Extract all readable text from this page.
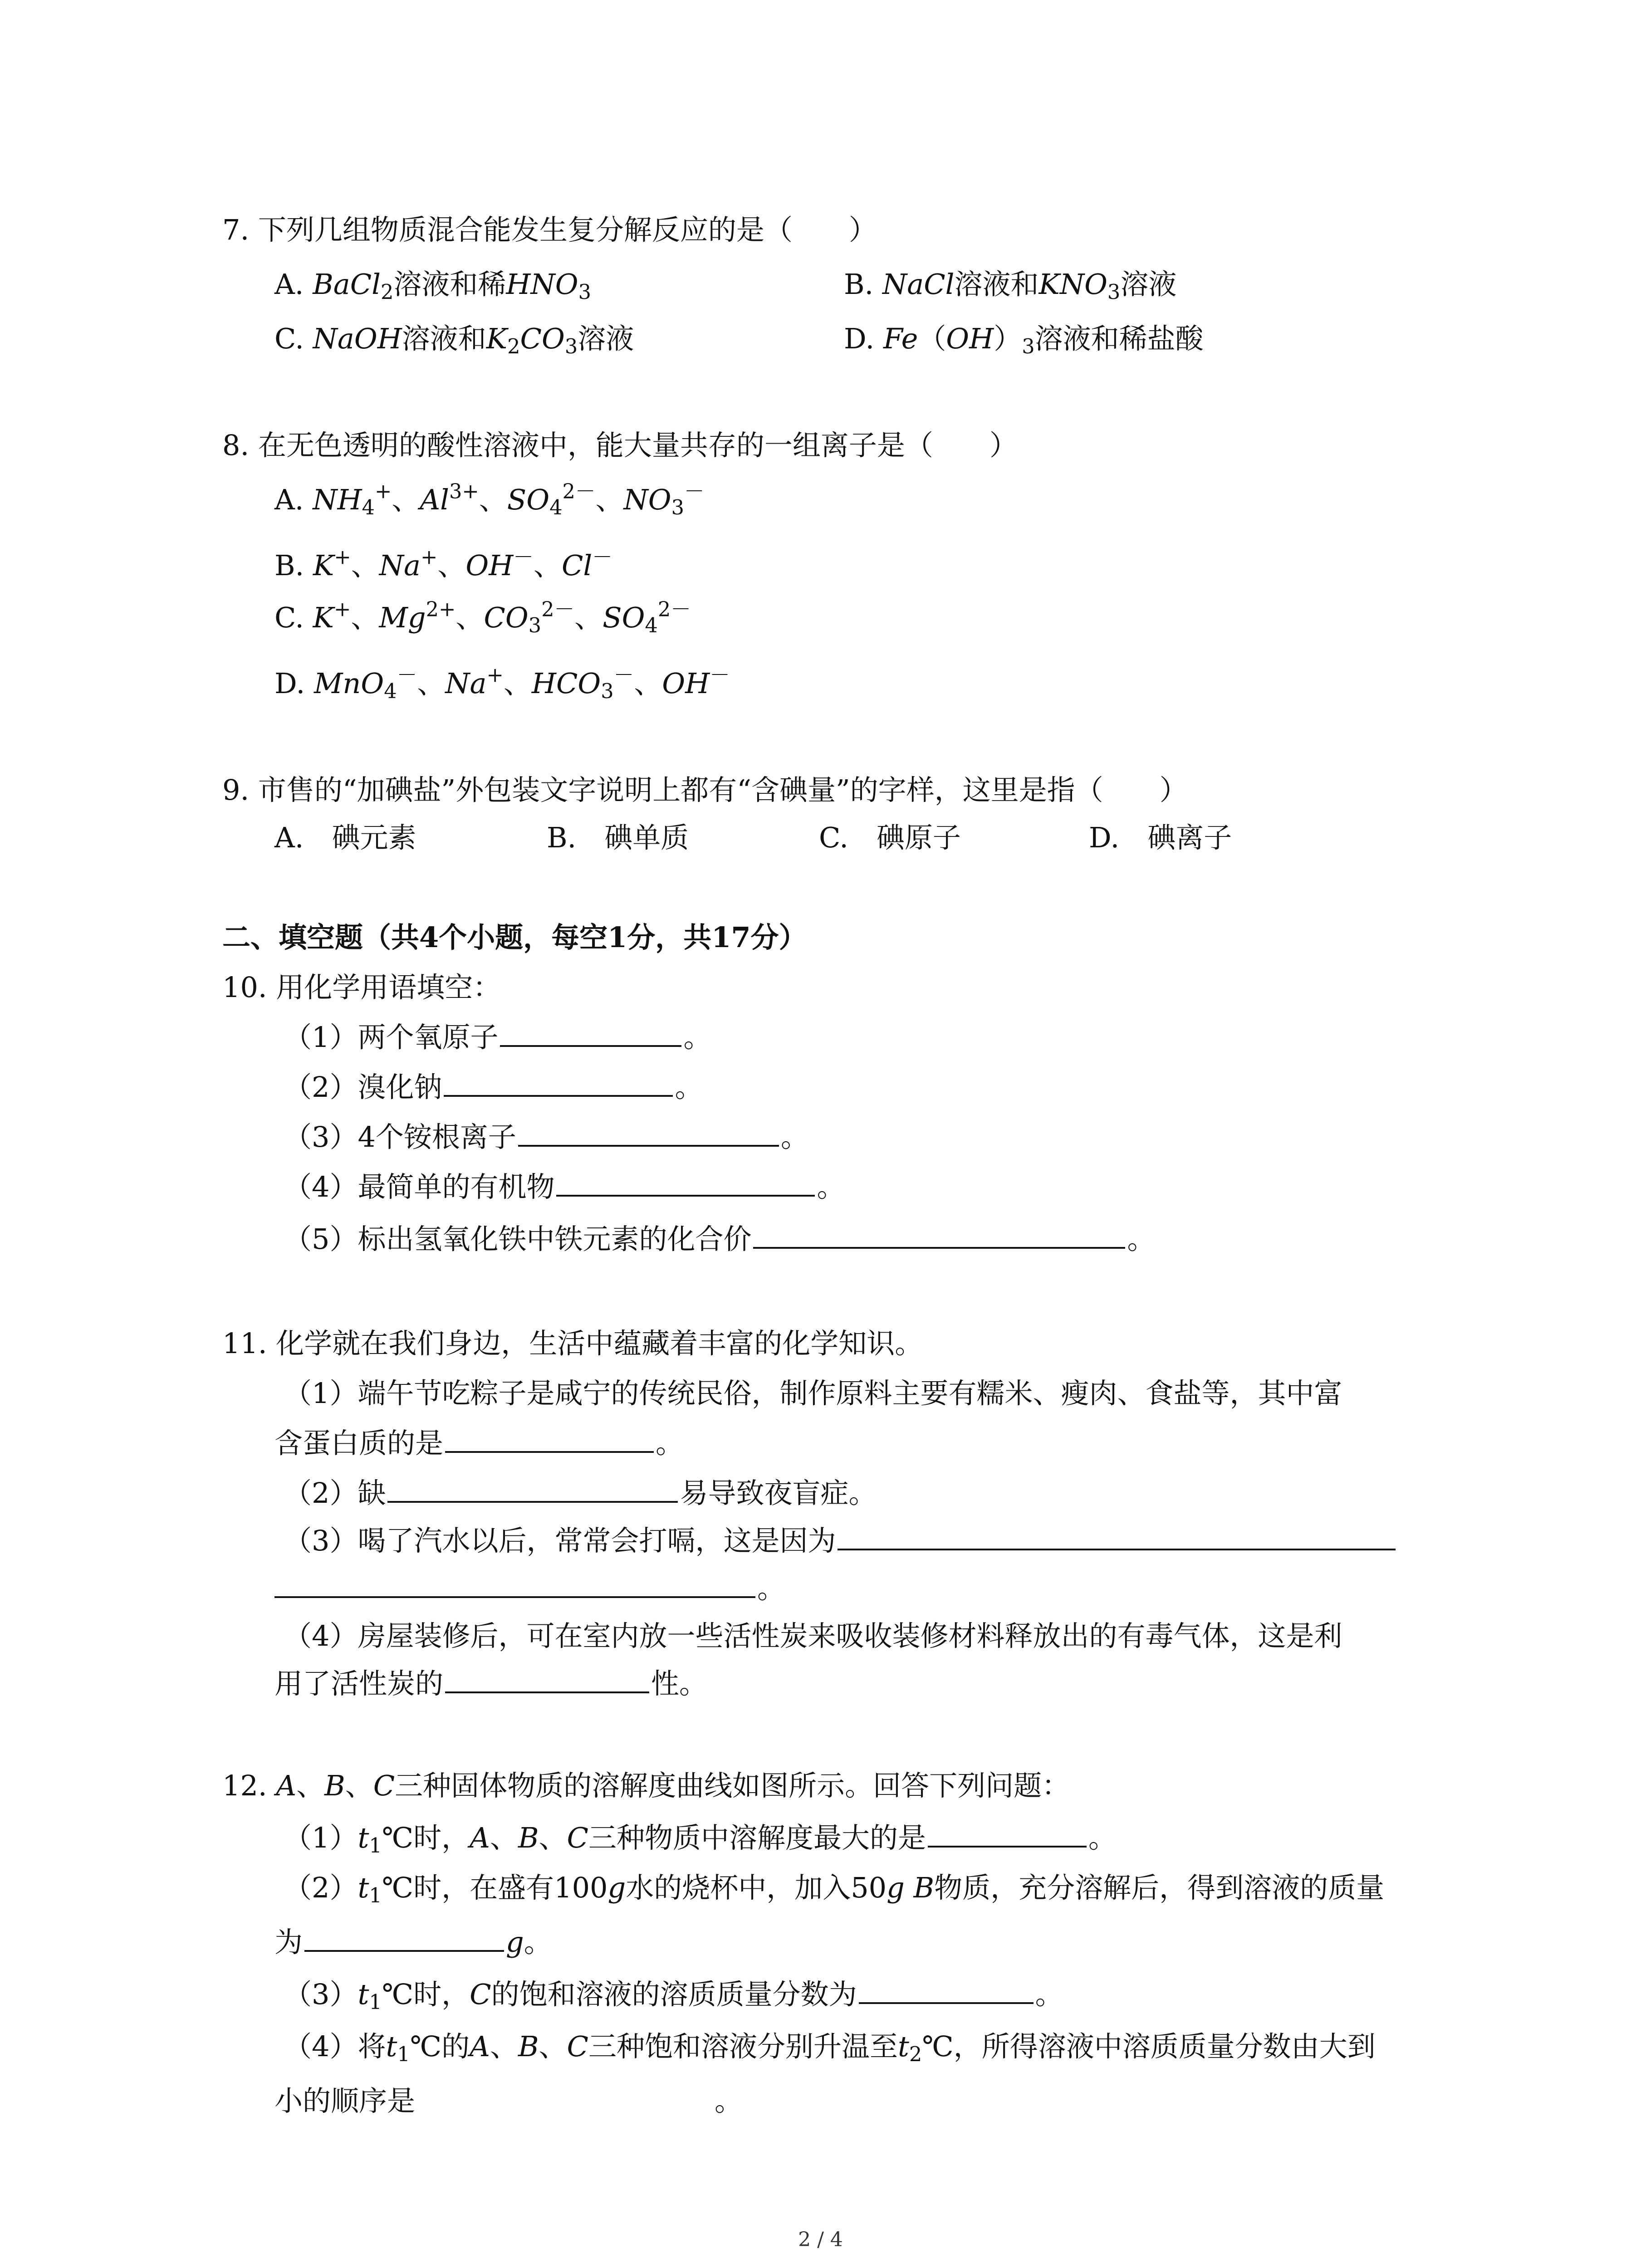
7. 下列几组物质混合能发生复分解反应的是（　　）
A. BaCl$_2$溶液和稀$HNO_3$	B. NaCl溶液和$KNO_3$溶液
C. NaOH溶液和$K_2CO_3$溶液	D. $Fe(OH)_3$溶液和稀盐酸
8. 在无色透明的酸性溶液中，能大量共存的一组离子是（　　）
A. $NH_4^+$、$Al^{3+}$、$SO_4^{2-}$、$NO_3^-$
B. K+、Na+、OH－、Cl－
C. K+、$Mg^{2+}$、$CO_3^{2-}$、$SO_4^{2-}$
D. MnO$_4$－、Na+、$HCO_3^-$、OH－
9. 市售的“加碘盐”外包装文字说明上都有“含碘量”的字样，这里是指（　　）
A.　碘元素	B.　碘单质	C.　碘原子	D.　碘离子
二、填空题（共4个小题，每空1分，共17分）
10. 用化学用语填空：
（1）两个氧原子	。
（2）溴化钠	。
（3）4个铵根离子	。
（4）最简单的有机物	。
（5）标出氢氧化铁中铁元素的化合价	。
11. 化学就在我们身边，生活中蕴藏着丰富的化学知识。
（1）端午节吃粽子是咸宁的传统民俗，制作原料主要有糯米、瘦肉、食盐等，其中富
含蛋白质的是	。
（2）缺	易导致夜盲症。
（3）喝了汽水以后，常常会打嗝，这是因为
。
（4）房屋装修后，可在室内放一些活性炭来吸收装修材料释放出的有毒气体，这是利
用了活性炭的	性。
12. A、B、C三种固体物质的溶解度曲线如图所示。回答下列问题：
$(1)t_1℃$时，A、B、C三种物质中溶解度最大的是	。
$(2)t_1℃$时，在盛有100g水的烧杯中，加入50g B物质，充分溶解后，得到溶液的质量
为	g。
$(3)t_1℃$时，C的饱和溶液的溶质质量分数为	。
（4）将$t_1℃$的A、B、C三种饱和溶液分别升温至$t_2℃$，所得溶液中溶质质量分数由大到
小的顺序是	。
2 / 4
